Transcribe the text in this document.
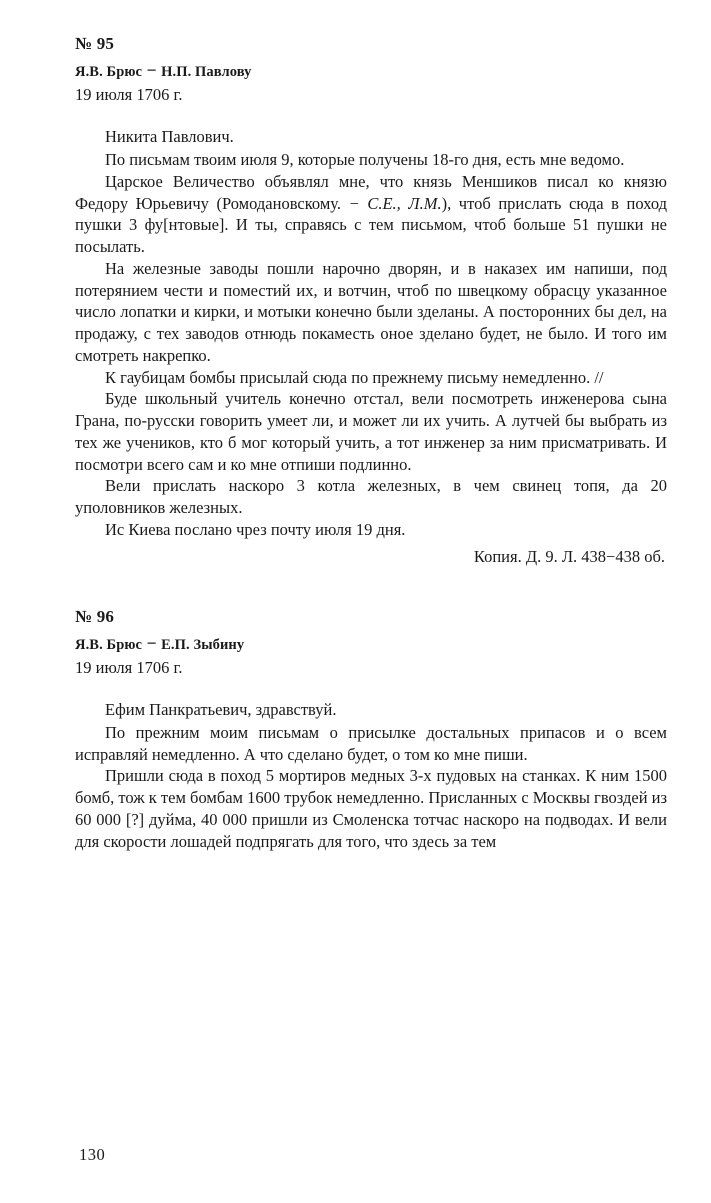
№ 95
Я.В. Брюс − Н.П. Павлову
19 июля 1706 г.
Никита Павлович.

По письмам твоим июля 9, которые получены 18-го дня, есть мне ведомо.

Царское Величество объявлял мне, что князь Меншиков писал ко князю Федору Юрьевичу (Ромодановскому. − С.Е., Л.М.), чтоб прислать сюда в поход пушки 3 фу[нтовые]. И ты, справясь с тем письмом, чтоб больше 51 пушки не посылать.

На железные заводы пошли нарочно дворян, и в наказех им напиши, под потерянием чести и поместий их, и вотчин, чтоб по швецкому обрасцу указанное число лопатки и кирки, и мотыки конечно были зделаны. А посторонних бы дел, на продажу, с тех заводов отнюдь покаместь оное зделано будет, не было. И того им смотреть накрепко.

К гаубицам бомбы присылай сюда по прежнему письму немедленно. //

Буде школьный учитель конечно отстал, вели посмотреть инженерова сына Грана, по-русски говорить умеет ли, и может ли их учить. А лутчей бы выбрать из тех же учеников, кто б мог который учить, а тот инженер за ним присматривать. И посмотри всего сам и ко мне отпиши подлинно.

Вели прислать наскоро 3 котла железных, в чем свинец топя, да 20 уполовников железных.

Ис Киева послано чрез почту июля 19 дня.

Копия. Д. 9. Л. 438−438 об.

№ 96
Я.В. Брюс − Е.П. Зыбину
19 июля 1706 г.
Ефим Панкратьевич, здравствуй.

По прежним моим письмам о присылке достальных припасов и о всем исправляй немедленно. А что сделано будет, о том ко мне пиши.

Пришли сюда в поход 5 мортиров медных 3-х пудовых на станках. К ним 1500 бомб, тож к тем бомбам 1600 трубок немедленно. Присланных с Москвы гвоздей из 60 000 [?] дуйма, 40 000 пришли из Смоленска тотчас наскоро на подводах. И вели для скорости лошадей подпрягать для того, что здесь за тем

130
